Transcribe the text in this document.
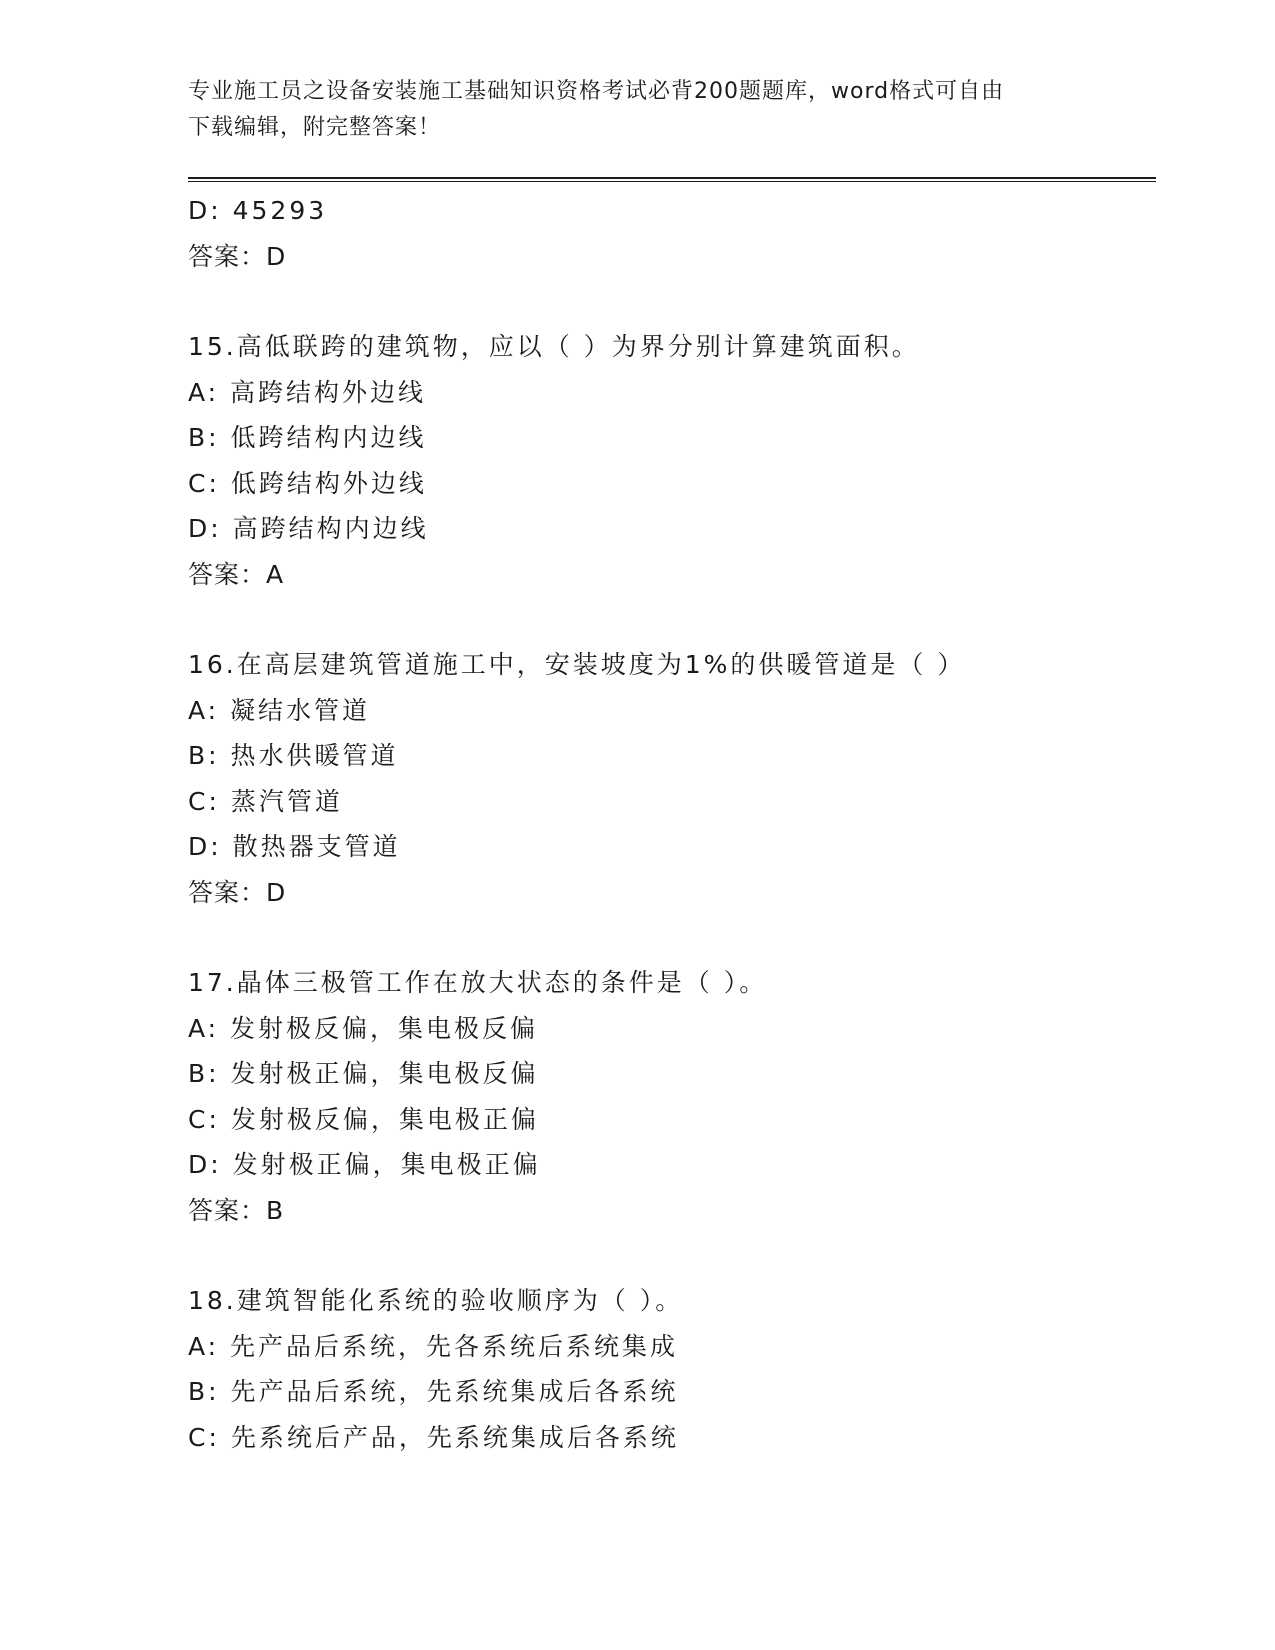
专业施工员之设备安装施工基础知识资格考试必背200题题库，word格式可自由
下载编辑，附完整答案！
D: 45293
答案：D
15.高低联跨的建筑物，应以（ ）为界分别计算建筑面积。
A: 高跨结构外边线
B: 低跨结构内边线
C: 低跨结构外边线
D: 高跨结构内边线
答案：A
16.在高层建筑管道施工中，安装坡度为1%的供暖管道是（ ）
A: 凝结水管道
B: 热水供暖管道
C: 蒸汽管道
D: 散热器支管道
答案：D
17.晶体三极管工作在放大状态的条件是（ ）。
A: 发射极反偏，集电极反偏
B: 发射极正偏，集电极反偏
C: 发射极反偏，集电极正偏
D: 发射极正偏，集电极正偏
答案：B
18.建筑智能化系统的验收顺序为（ ）。
A: 先产品后系统，先各系统后系统集成
B: 先产品后系统，先系统集成后各系统
C: 先系统后产品，先系统集成后各系统
